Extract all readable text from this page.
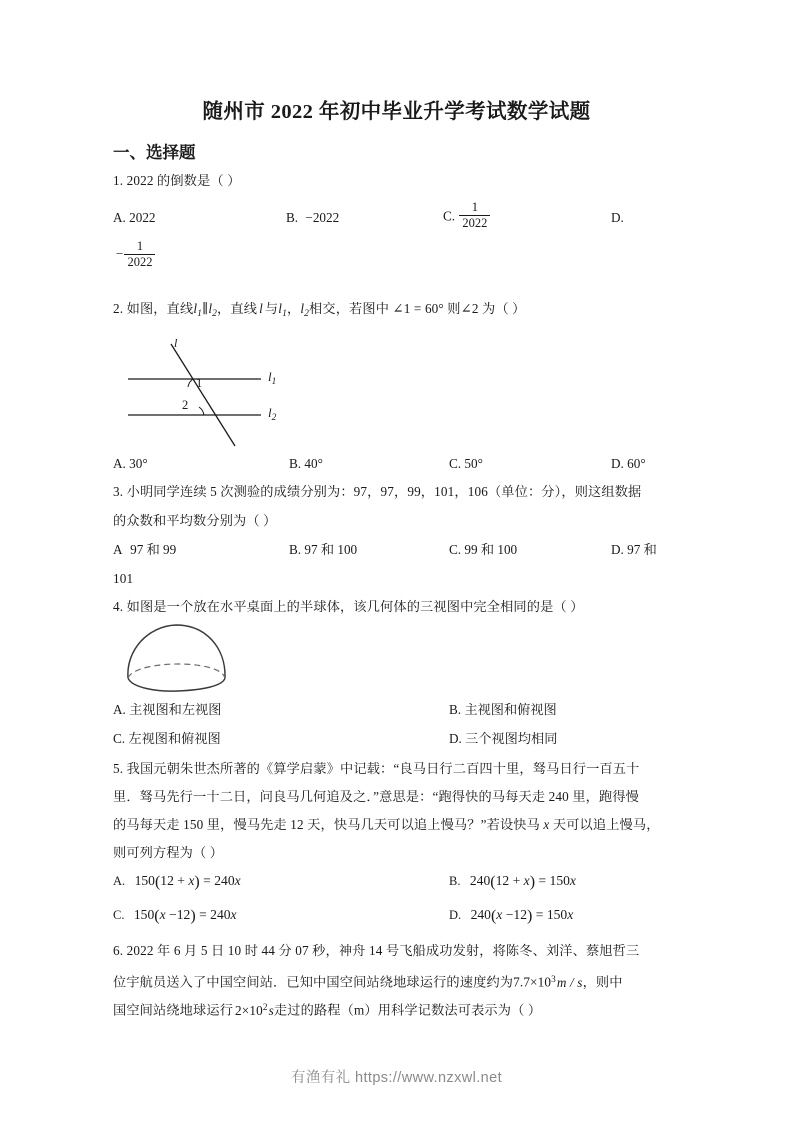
随州市 2022 年初中毕业升学考试数学试题
一、选择题
1. 2022 的倒数是（ ）
A. 2022	B. −2022	C. $\frac{1}{2022}$	D.
− $\frac{1}{2022}$
2. 如图，直线$l_1\parallel l_2$，直线 l 与$l_1$，$l_2$相交，若图中 ∠1 = 60° 则∠2 为（ ）
l
1
2
$l_1$
$l_2$
A. 30°	B. 40°	C. 50°	D. 60°
3. 小明同学连续 5 次测验的成绩分别为：97，97，99，101，106（单位：分），则这组数据
的众数和平均数分别为（ ）
A 97 和 99	B. 97 和 100	C. 99 和 100	D. 97 和
101
4. 如图是一个放在水平桌面上的半球体，该几何体的三视图中完全相同的是（ ）
A. 主视图和左视图	B. 主视图和俯视图
C. 左视图和俯视图	D. 三个视图均相同
5. 我国元朝朱世杰所著的《算学启蒙》中记载：“良马日行二百四十里，驽马日行一百五十
里．驽马先行一十二日，问良马几何追及之．”意思是：“跑得快的马每天走 240 里，跑得慢
的马每天走 150 里，慢马先走 12 天，快马几天可以追上慢马？”若设快马 x 天可以追上慢马，
则可列方程为（ ）
A. 150(12 + x) = 240x	B. 240(12 + x) = 150x
C. 150(x −12) = 240x	D. 240(x −12) = 150x
6. 2022 年 6 月 5 日 10 时 44 分 07 秒，神舟 14 号飞船成功发射，将陈冬、刘洋、蔡旭哲三
位宇航员送入了中国空间站．已知中国空间站绕地球运行的速度约为$7.7\times 10^3m / s$，则中
国空间站绕地球运行 $2\times 10^2s$走过的路程（m）用科学记数法可表示为（ ）
有渔有礼 https://www.nzxwl.net
